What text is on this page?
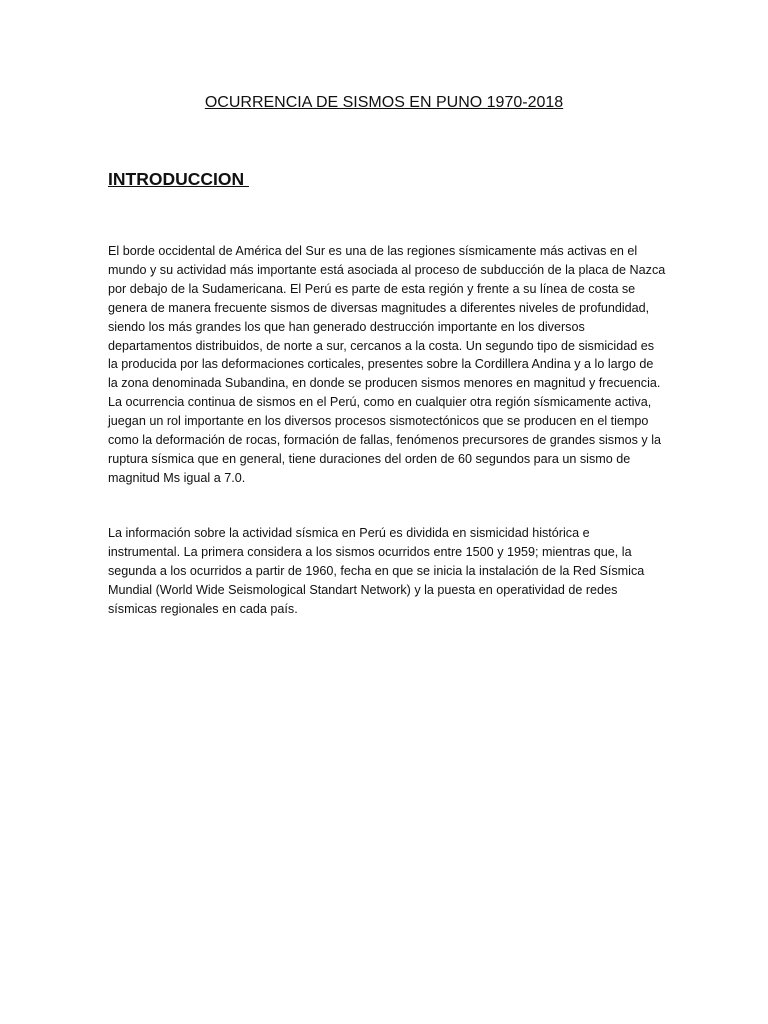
OCURRENCIA DE SISMOS EN PUNO 1970-2018
INTRODUCCION

El borde occidental de América del Sur es una de las regiones sísmicamente más activas en el
mundo y su actividad más importante está asociada al proceso de subducción de la placa de Nazca
por debajo de la Sudamericana. El Perú es parte de esta región y frente a su línea de costa se
genera de manera frecuente sismos de diversas magnitudes a diferentes niveles de profundidad,
siendo los más grandes los que han generado destrucción importante en los diversos
departamentos distribuidos, de norte a sur, cercanos a la costa. Un segundo tipo de sismicidad es
la producida por las deformaciones corticales, presentes sobre la Cordillera Andina y a lo largo de
la zona denominada Subandina, en donde se producen sismos menores en magnitud y frecuencia.
La ocurrencia continua de sismos en el Perú, como en cualquier otra región sísmicamente activa,
juegan un rol importante en los diversos procesos sismotectónicos que se producen en el tiempo
como la deformación de rocas, formación de fallas, fenómenos precursores de grandes sismos y la
ruptura sísmica que en general, tiene duraciones del orden de 60 segundos para un sismo de
magnitud Ms igual a 7.0.

La información sobre la actividad sísmica en Perú es dividida en sismicidad histórica e
instrumental. La primera considera a los sismos ocurridos entre 1500 y 1959; mientras que, la
segunda a los ocurridos a partir de 1960, fecha en que se inicia la instalación de la Red Sísmica
Mundial (World Wide Seismological Standart Network) y la puesta en operatividad de redes
sísmicas regionales en cada país.
